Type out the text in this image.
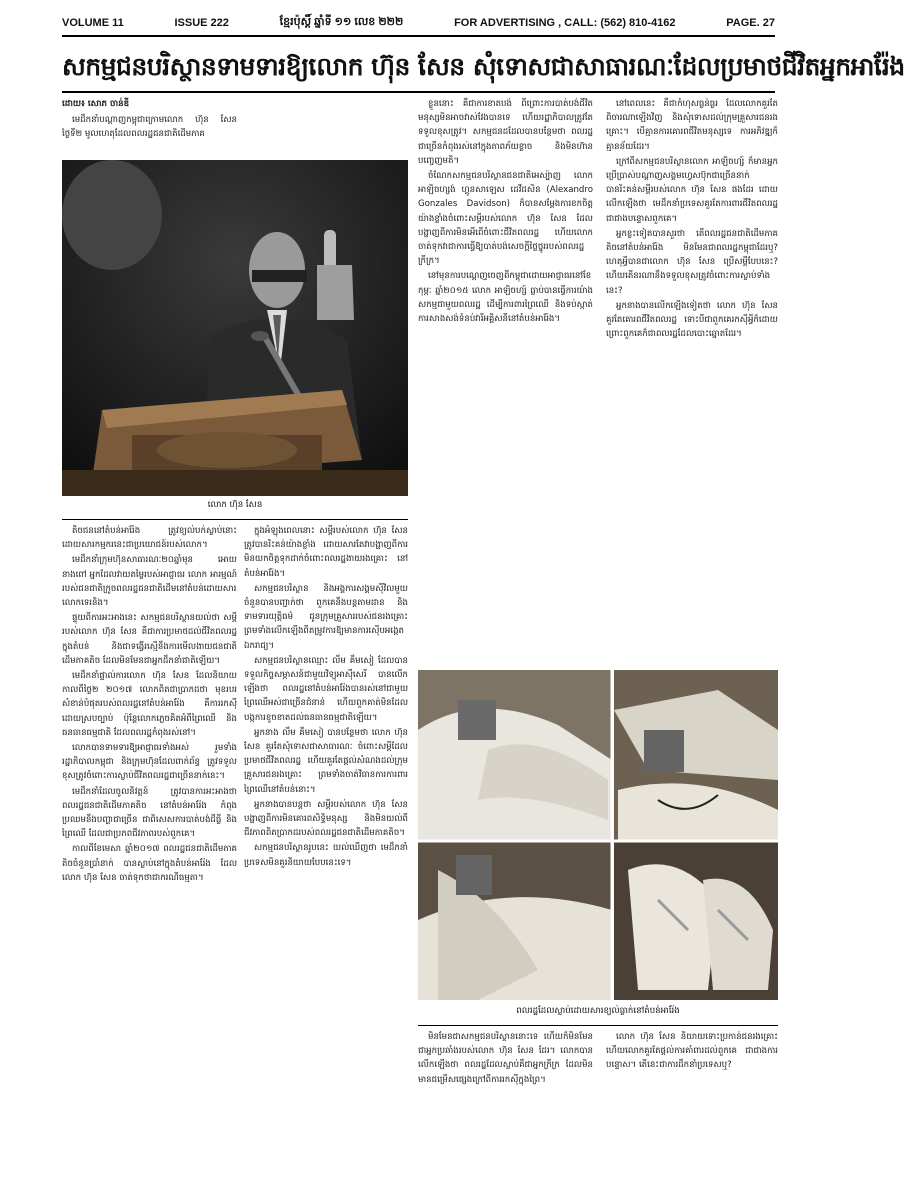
VOLUME 11	ISSUE 222	ខ្មែរប៉ុស្ដិ៍ ឆ្នាំទី ១១ លេខ ២២២	FOR ADVERTISING , CALL: (562) 810-4162	PAGE. 27
សកម្មជនបរិស្ថានទាមទារឱ្យលោក ហ៊ុន សែន សុំទោសជាសាធារណៈដែលប្រមាថជីវិតអ្នកអារ៉ែង
ដោយ៖ សោភ ចាន់ឌី

មេដឹកនាំបណ្ដាញកម្ពុជាក្រោមលោក ហ៊ុន សែន ថ្ងៃទី២ មូលហេតុដែលពលរដ្ឋជនជាតិដើមភាគ

លោក ហ៊ុន សែន

ខ្លួននោះ គឺជាការខាតបង់ ពីព្រោះការបាត់បង់ជីវិតមនុស្សមិនអាចវាស់វែងបានទេ ហើយរដ្ឋាភិបាលត្រូវតែទទួលខុសត្រូវ។ សកម្មជនដដែលបានបន្ថែមថា ពលរដ្ឋជាច្រើនកំពុងរស់នៅក្នុងភាពភ័យខ្លាច និងមិនហ៊ានបញ្ចេញមតិ។

ចំណែកសកម្មជនបរិស្ថានជនជាតិអេស្ប៉ាញ លោក អាឡិចហ្សង់ ហ្គូនសាឡេស ដេវីដសិន (Alexandro Gonzales Davidson) ក៏បានសម្ដែងការខកចិត្តយ៉ាងខ្លាំងចំពោះសម្ដីរបស់លោក ហ៊ុន សែន ដែលបង្ហាញពីការមិនអើពើចំពោះជីវិតពលរដ្ឋ ហើយលោកចាត់ទុកវាជាការធ្វើឱ្យបាត់បង់សេចក្ដីថ្លៃថ្នូររបស់ពលរដ្ឋក្រីក្រ។

នៅមុនការបណ្ដេញចេញពីកម្ពុជាដោយអាជ្ញាធរនៅខែកុម្ភៈ ឆ្នាំ២០១៥ លោក អាឡិចហ្ស៍ ធ្លាប់បានធ្វើការយ៉ាងសកម្មជាមួយពលរដ្ឋ ដើម្បីការពារព្រៃឈើ និងទប់ស្កាត់ការសាងសង់ទំនប់វារីអគ្គិសនីនៅតំបន់អារ៉ែង។

នៅពេលនេះ គឺជាកំហុសធ្ងន់ធ្ងរ ដែលលោកគួរតែពិចារណាឡើងវិញ និងសុំទោសដល់ក្រុមគ្រួសារជនរងគ្រោះ។ បើគ្មានការគោរពជីវិតមនុស្សទេ ការអភិវឌ្ឍក៏គ្មានន័យដែរ។

ក្រៅពីសកម្មជនបរិស្ថានលោក អាឡិចហ្ស៍ ក៏មានអ្នកប្រើប្រាស់បណ្ដាញសង្គមហ្វេសប៊ុកជាច្រើននាក់ បានរិះគន់សម្ដីរបស់លោក ហ៊ុន សែន ផងដែរ ដោយលើកឡើងថា មេដឹកនាំប្រទេសគួរតែការពារជីវិតពលរដ្ឋ ជាជាងបន្ទោសពួកគេ។

អ្នកខ្លះទៀតបានសួរថា តើពលរដ្ឋជនជាតិដើមភាគតិចនៅតំបន់អារ៉ែង មិនមែនជាពលរដ្ឋកម្ពុជាដែរឬ? ហេតុអ្វីបានជាលោក ហ៊ុន សែន ប្រើសម្ដីបែបនេះ? ហើយតើនរណានឹងទទួលខុសត្រូវចំពោះការស្លាប់ទាំងនេះ?

អ្នកនាងបានលើកឡើងទៀតថា លោក ហ៊ុន សែន គួរតែគោរពជីវិតពលរដ្ឋ ទោះបីជាពួកគេរកស៊ីអ្វីក៏ដោយ ព្រោះពួកគេក៏ជាពលរដ្ឋដែលបោះឆ្នោតដែរ។

តិចជននៅតំបន់អារ៉ែង ត្រូវខ្យល់បក់ស្លាប់នោះ ដោយសារកម្មករនេះជាប្រយោជន៍របស់លោក។

មេដឹកនាំក្រុមហ៊ុនសាធារណៈ២០ឆ្នាំមុន អោយនាងពៅ អ្នកដែលវាយតម្លៃរបស់អាជ្ញាធរ លោក អារម្មណ៍របស់ជនជាតិក្រូចពលរដ្ឋជនជាតិដើមនៅតំបន់ដោយសារលោកទេរនិង។

ផ្ទុយពីការអះអាងនេះ សកម្មជនបរិស្ថានយល់ថា សម្ដីរបស់លោក ហ៊ុន សែន គឺជាការប្រមាថដល់ជីវិតពលរដ្ឋក្នុងតំបន់ និងជាទង្វើរស្មើនឹងការមើលងាយជនជាតិដើមភាគតិច ដែលមិនមែនជាអ្នកដឹកនាំជាតិឡើយ។

មេដឹកនាំផ្ទាល់ការលោក ហ៊ុន សែន ដែលនិយាយកាលពីថ្ងៃ២ ២០១៧ លោកពិតជាប្រាកដថា មុខរបរសំខាន់បំផុតរបស់ពលរដ្ឋនៅតំបន់អារ៉ែង គឺការរកស៊ីដោយស្របច្បាប់ ប៉ុន្តែលោកភ្លេចគិតអំពីព្រៃឈើ និងធនធានធម្មជាតិ ដែលពលរដ្ឋកំពុងរស់នៅ។

លោកបានទាមទារឱ្យអាជ្ញាធរទាំងអស់ រួមទាំងរដ្ឋាភិបាលកម្ពុជា និងក្រុមហ៊ុនដែលពាក់ព័ន្ធ ត្រូវទទួលខុសត្រូវចំពោះការស្លាប់ជីវិតពលរដ្ឋជាច្រើននាក់នេះ។

មេដឹកនាំដែលចូលនិវត្តន៍ ត្រូវបានការអះអាងថា ពលរដ្ឋជនជាតិដើមភាគតិច នៅតំបន់អារ៉ែង កំពុងប្រឈមនឹងបញ្ហាជាច្រើន ជាពិសេសការបាត់បង់ដីធ្លី និងព្រៃឈើ ដែលជាប្រភពជីវភាពរបស់ពួកគេ។

កាលពីខែមេសា ឆ្នាំ២០១៧ ពលរដ្ឋជនជាតិដើមភាគតិចចំនួនប្រាំនាក់ បានស្លាប់នៅក្នុងតំបន់អារ៉ែង ដែលលោក ហ៊ុន សែន ចាត់ទុកថាជាករណីធម្មតា។

ក្នុងអំឡុងពេលនោះ សម្ដីរបស់លោក ហ៊ុន សែន ត្រូវបានរិះគន់យ៉ាងខ្លាំង ដោយសារតែវាបង្ហាញពីការមិនយកចិត្តទុកដាក់ចំពោះពលរដ្ឋងាយរងគ្រោះ នៅតំបន់អារ៉ែង។

សកម្មជនបរិស្ថាន និងអង្គការសង្គមស៊ីវិលមួយចំនួនបានបញ្ជាក់ថា ពួកគេនឹងបន្តតាមដាន និងទាមទារយុត្តិធម៌ ជូនក្រុមគ្រួសាររបស់ជនរងគ្រោះ ព្រមទាំងលើកឡើងពីតម្រូវការឱ្យមានការស៊ើបអង្កេតឯករាជ្យ។

សកម្មជនបរិស្ថានឈ្មោះ លឹម គឹមសៀ ដែលបានទទួលកិច្ចសម្ភាសន៍ជាមួយវិទ្យុអាស៊ីសេរី បានលើកឡើងថា ពលរដ្ឋនៅតំបន់អារ៉ែងបានរស់នៅជាមួយព្រៃឈើអស់ជាច្រើនជំនាន់ ហើយពួកគាត់មិនដែលបង្កការខូចខាតដល់ធនធានធម្មជាតិឡើយ។

អ្នកនាង លឹម គឹមសៀ បានបន្ថែមថា លោក ហ៊ុន សែន គួរតែសុំទោសជាសាធារណៈ ចំពោះសម្ដីដែលប្រមាថជីវិតពលរដ្ឋ ហើយគួរតែផ្ដល់សំណងដល់ក្រុមគ្រួសារជនរងគ្រោះ ព្រមទាំងចាត់វិធានការការពារព្រៃឈើនៅតំបន់នោះ។

អ្នកនាងបានបន្តថា សម្ដីរបស់លោក ហ៊ុន សែន បង្ហាញពីការមិនគោរពសិទ្ធិមនុស្ស និងមិនយល់ពីជីវភាពពិតប្រាកដរបស់ពលរដ្ឋជនជាតិដើមភាគតិច។

សកម្មជនបរិស្ថានរូបនេះ យល់ឃើញថា មេដឹកនាំប្រទេសមិនគួរនិយាយបែបនេះទេ។

ពលរដ្ឋដែលស្លាប់ដោយសារខ្យល់ធ្លាក់នៅតំបន់អារ៉ែង

មិនមែនជាសកម្មជនបរិស្ថាននោះទេ ហើយក៏មិនមែនជាអ្នកប្រឆាំងរបស់លោក ហ៊ុន សែន ដែរ។ លោកបានលើកឡើងថា ពលរដ្ឋដែលស្លាប់គឺជាអ្នកក្រីក្រ ដែលមិនមានជម្រើសផ្សេងក្រៅពីការរកស៊ីក្នុងព្រៃ។

លោក ហ៊ុន សែន និយាយទោះប្រកាន់ជនរងគ្រោះ ហើយលោកគួរតែផ្ដល់ការគាំពារដល់ពួកគេ ជាជាងការបន្ទោស។ តើនេះជាការដឹកនាំប្រទេសឬ?
